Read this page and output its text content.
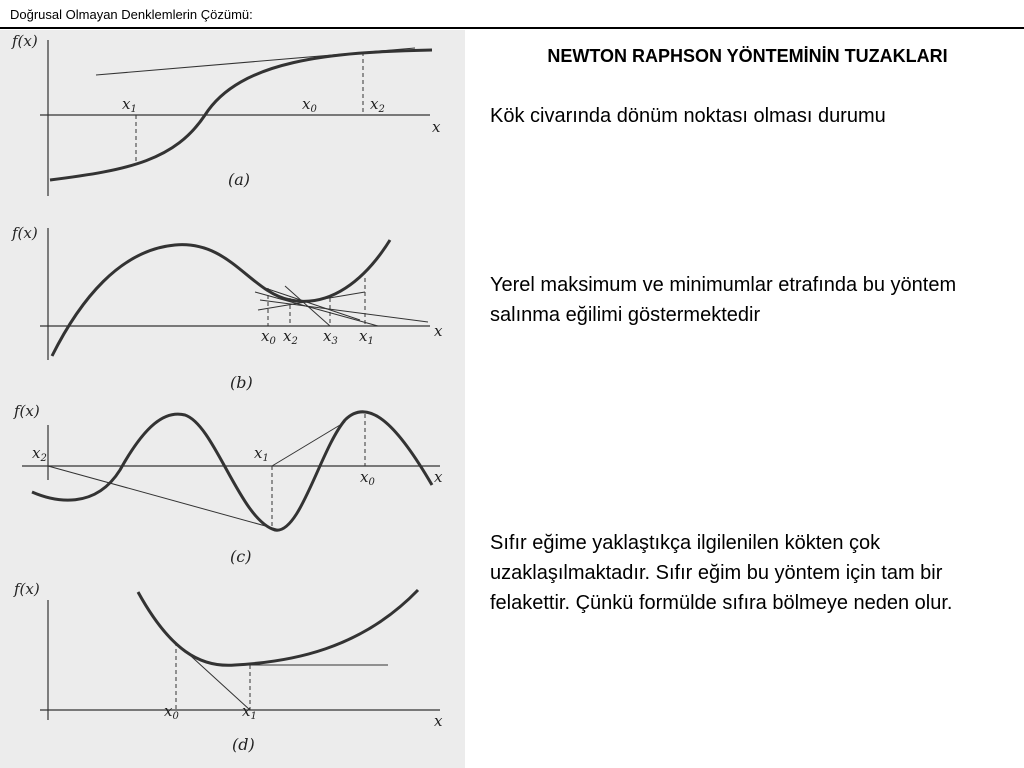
Doğrusal Olmayan Denklemlerin Çözümü:
f(x)
x
$x_1$	$x_0$	$x_2$
(a)
f(x)
x
$x_0$ $x_2$ $x_3$ $x_1$
(b)
f(x)
x
$x_2$	$x_1$
$x_0$
(c)
f(x)
x
$x_0$	$x_1$
(d)
NEWTON RAPHSON YÖNTEMİNİN TUZAKLARI
Kök civarında dönüm noktası olması durumu
Yerel maksimum ve minimumlar etrafında bu yöntem salınma eğilimi göstermektedir
Sıfır eğime yaklaştıkça ilgilenilen kökten çok uzaklaşılmaktadır. Sıfır eğim bu yöntem için tam bir felakettir. Çünkü formülde sıfıra bölmeye neden olur.
